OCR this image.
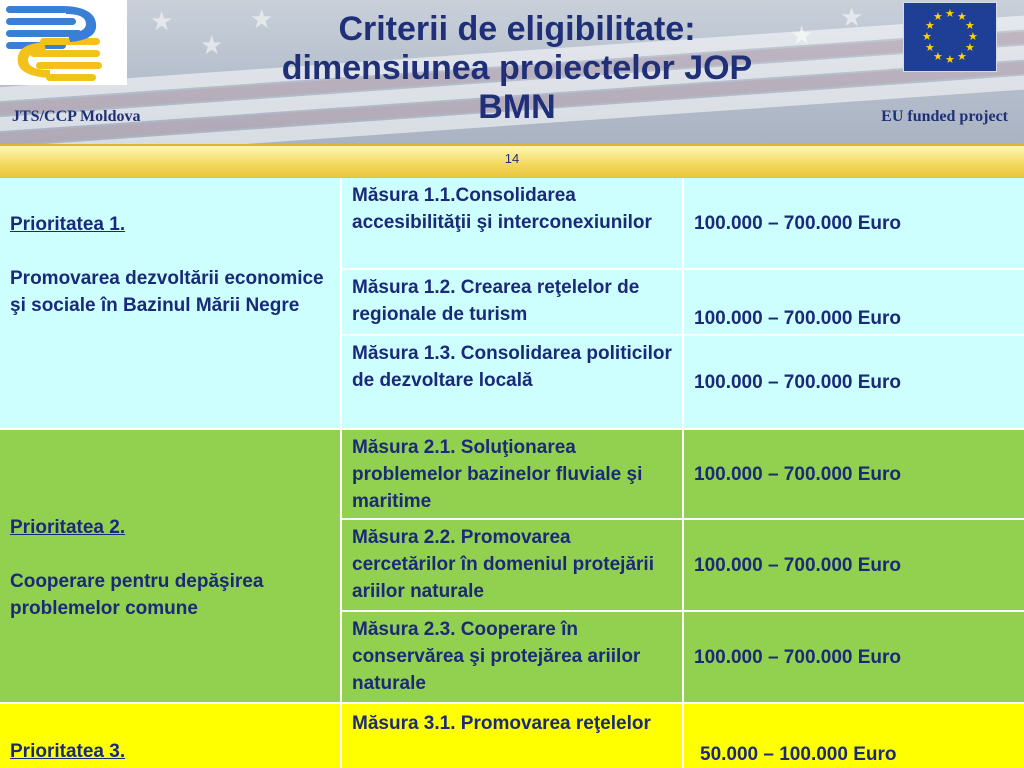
★
★
★
★
★	★ ★
★
★
★
★
★
★
★
★
★
★
Criterii de eligibilitate: dimensiunea proiectelor JOP BMN
JTS/CCP Moldova	EU funded project
14
Prioritatea 1.
Promovarea dezvoltării economice şi sociale în Bazinul Mării Negre
Măsura 1.1.Consolidarea accesibilităţii şi interconexiunilor	100.000 – 700.000 Euro
Măsura 1.2. Crearea reţelelor de regionale de turism	100.000 – 700.000 Euro
Măsura 1.3. Consolidarea politicilor de dezvoltare locală	100.000 – 700.000 Euro
Prioritatea 2.
Cooperare pentru depăşirea problemelor comune
Măsura 2.1. Soluţionarea problemelor bazinelor fluviale şi maritime
100.000 – 700.000 Euro
Măsura 2.2. Promovarea cercetărilor în domeniul protejării ariilor naturale
100.000 – 700.000 Euro
Măsura 2.3. Cooperare în conservărea şi protejărea ariilor naturale
100.000 – 700.000 Euro
Prioritatea 3.
Măsura 3.1. Promovarea reţelelor
50.000 – 100.000 Euro
